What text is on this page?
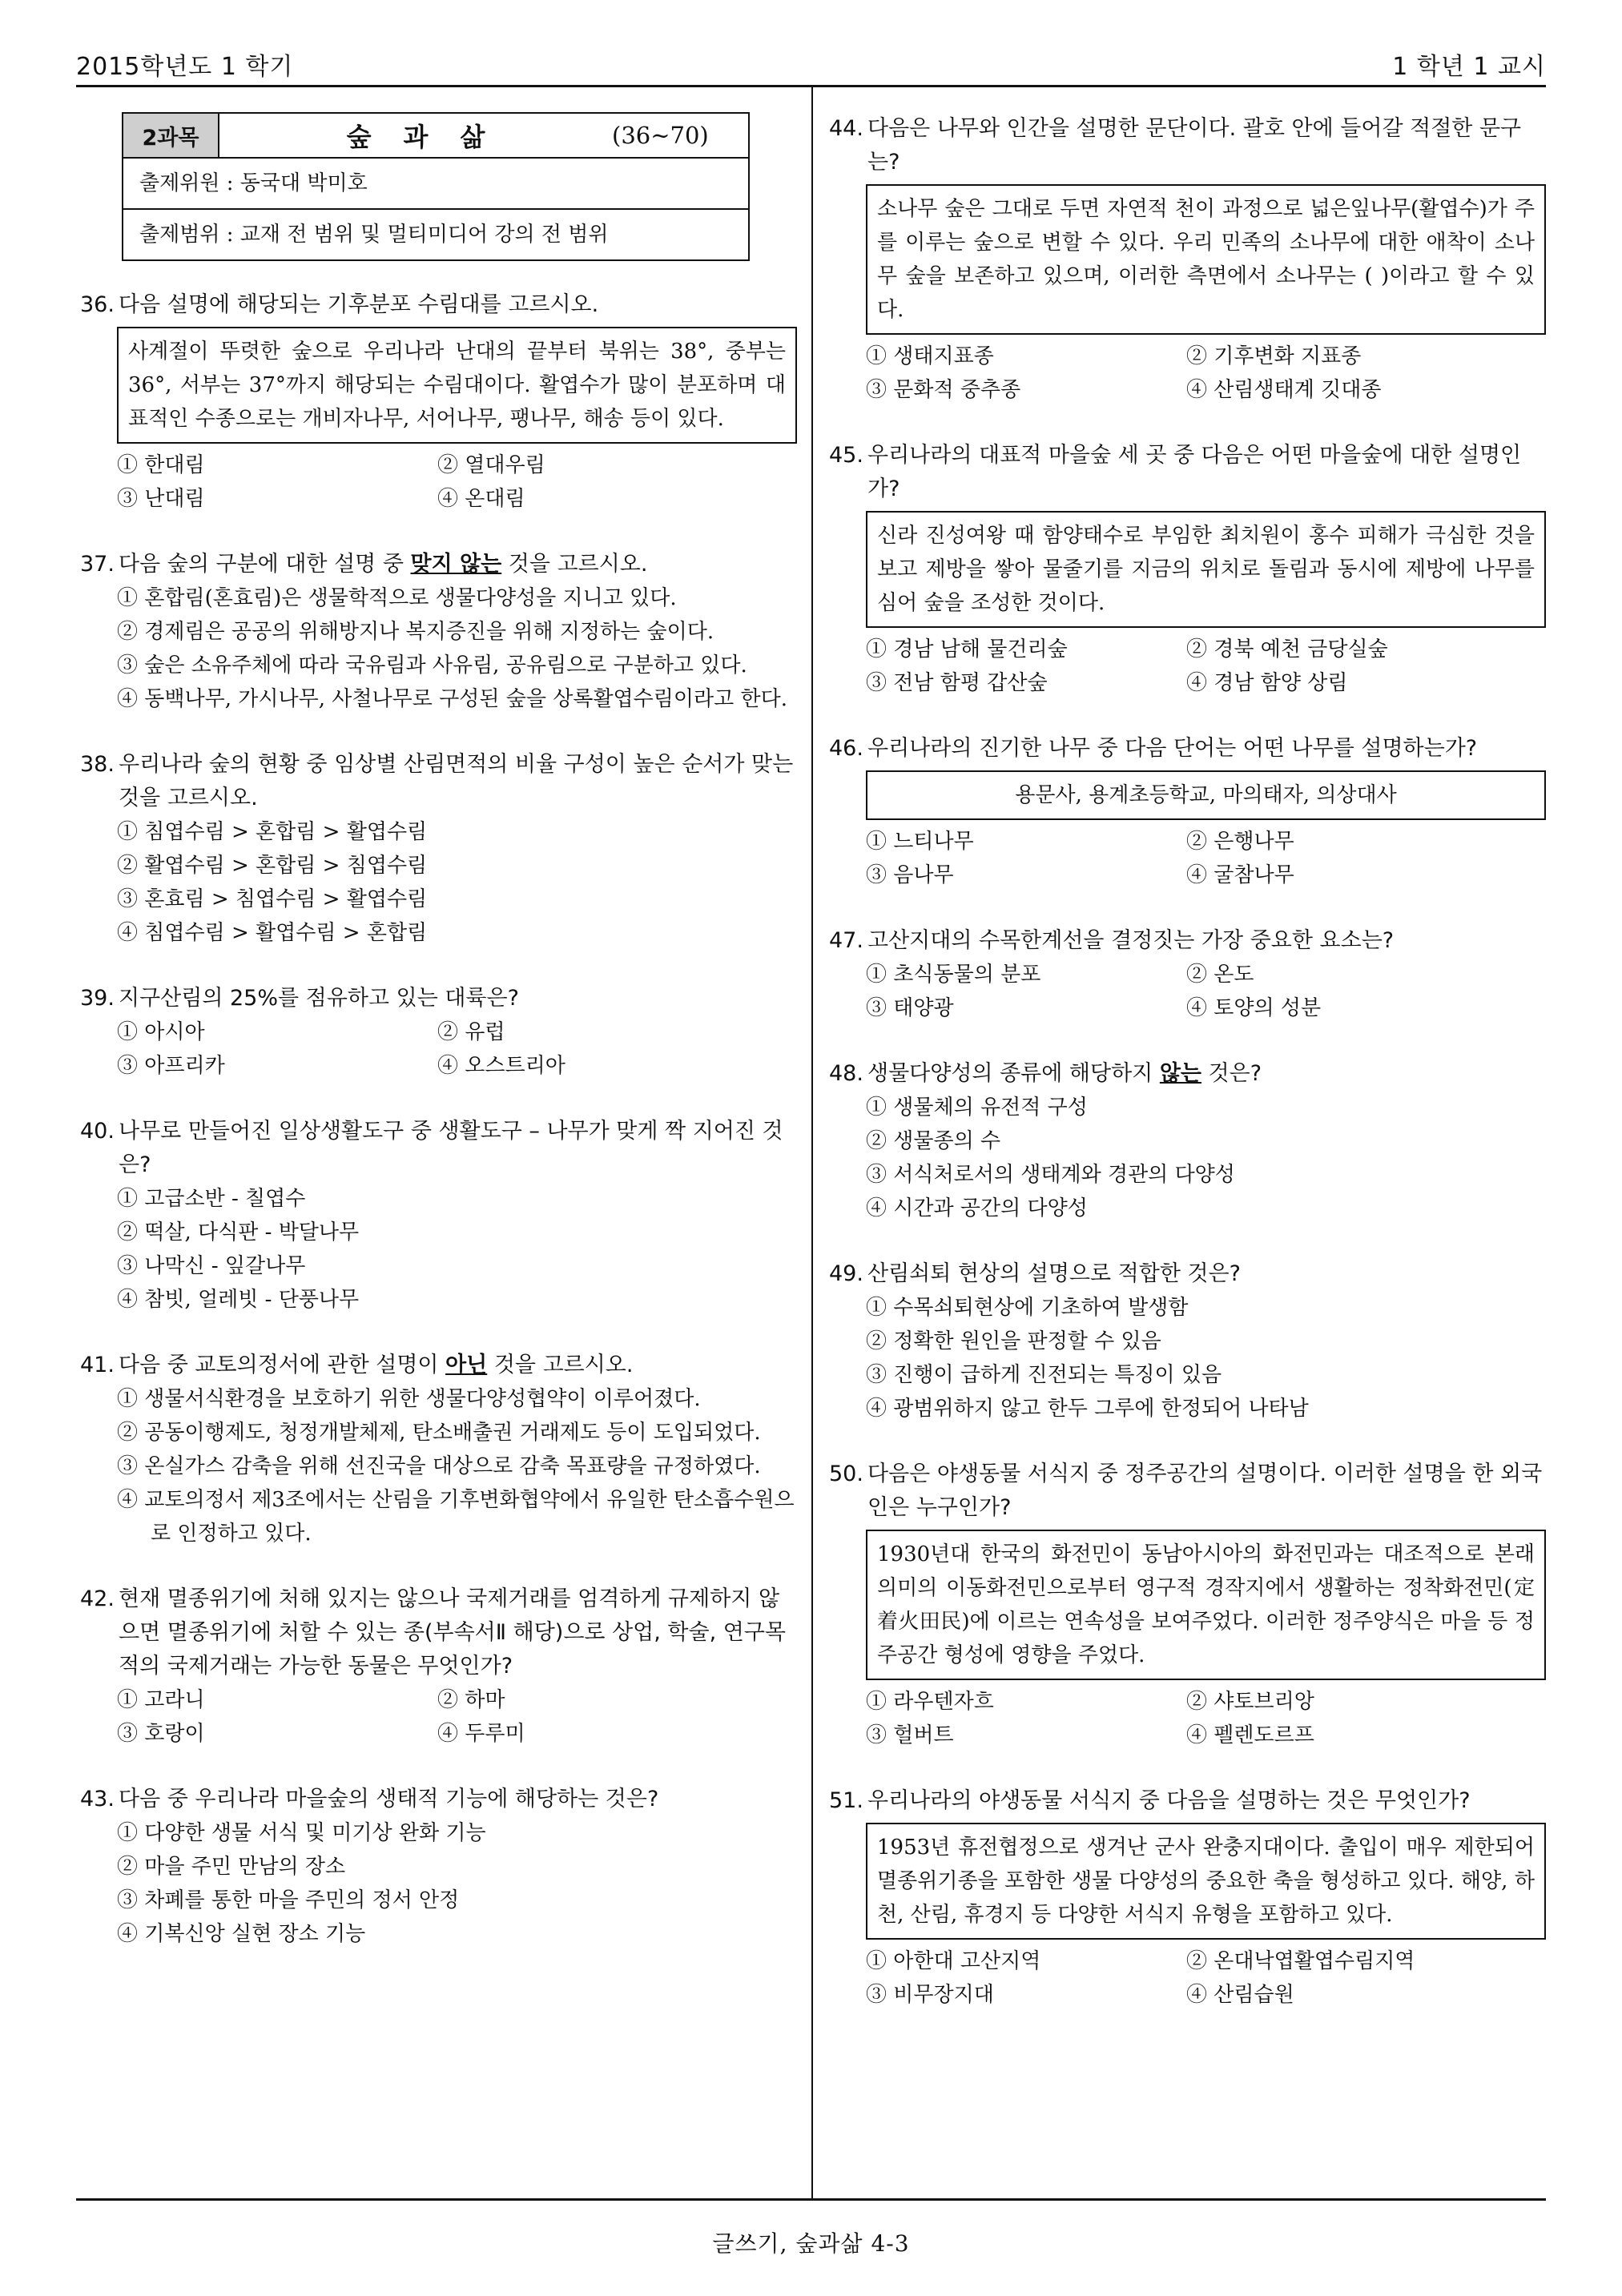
2015학년도 1 학기	1 학년 1 교시
2과목	숲과삶	(36∼70)
출제위원 : 동국대 박미호
출제범위 : 교재 전 범위 및 멀티미디어 강의 전 범위
36. 다음 설명에 해당되는 기후분포 수림대를 고르시오.
사계절이 뚜렷한 숲으로 우리나라 난대의 끝부터 북위는 38°, 중부는 36°, 서부는 37°까지 해당되는 수림대이다. 활엽수가 많이 분포하며 대표적인 수종으로는 개비자나무, 서어나무, 팽나무, 해송 등이 있다.
① 한대림	② 열대우림
③ 난대림	④ 온대림
37. 다음 숲의 구분에 대한 설명 중 맞지 않는 것을 고르시오.
① 혼합림(혼효림)은 생물학적으로 생물다양성을 지니고 있다.
② 경제림은 공공의 위해방지나 복지증진을 위해 지정하는 숲이다.
③ 숲은 소유주체에 따라 국유림과 사유림, 공유림으로 구분하고 있다.
④ 동백나무, 가시나무, 사철나무로 구성된 숲을 상록활엽수림이라고 한다.
38. 우리나라 숲의 현황 중 임상별 산림면적의 비율 구성이 높은 순서가 맞는 것을 고르시오.
① 침엽수림 > 혼합림 > 활엽수림
② 활엽수림 > 혼합림 > 침엽수림
③ 혼효림 > 침엽수림 > 활엽수림
④ 침엽수림 > 활엽수림 > 혼합림
39. 지구산림의 25%를 점유하고 있는 대륙은?
① 아시아	② 유럽
③ 아프리카	④ 오스트리아
40. 나무로 만들어진 일상생활도구 중 생활도구 – 나무가 맞게 짝 지어진 것은?
① 고급소반 - 칠엽수
② 떡살, 다식판 - 박달나무
③ 나막신 - 잎갈나무
④ 참빗, 얼레빗 - 단풍나무
41. 다음 중 교토의정서에 관한 설명이 아닌 것을 고르시오.
① 생물서식환경을 보호하기 위한 생물다양성협약이 이루어졌다.
② 공동이행제도, 청정개발체제, 탄소배출권 거래제도 등이 도입되었다.
③ 온실가스 감축을 위해 선진국을 대상으로 감축 목표량을 규정하였다.
④ 교토의정서 제3조에서는 산림을 기후변화협약에서 유일한 탄소흡수원으로 인정하고 있다.
42. 현재 멸종위기에 처해 있지는 않으나 국제거래를 엄격하게 규제하지 않으면 멸종위기에 처할 수 있는 종(부속서Ⅱ 해당)으로 상업, 학술, 연구목적의 국제거래는 가능한 동물은 무엇인가?
① 고라니	② 하마
③ 호랑이	④ 두루미
43. 다음 중 우리나라 마을숲의 생태적 기능에 해당하는 것은?
① 다양한 생물 서식 및 미기상 완화 기능
② 마을 주민 만남의 장소
③ 차폐를 통한 마을 주민의 정서 안정
④ 기복신앙 실현 장소 기능
44. 다음은 나무와 인간을 설명한 문단이다. 괄호 안에 들어갈 적절한 문구는?
소나무 숲은 그대로 두면 자연적 천이 과정으로 넓은잎나무(활엽수)가 주를 이루는 숲으로 변할 수 있다. 우리 민족의 소나무에 대한 애착이 소나무 숲을 보존하고 있으며, 이러한 측면에서 소나무는 ( )이라고 할 수 있다.
① 생태지표종	② 기후변화 지표종
③ 문화적 중추종	④ 산림생태계 깃대종
45. 우리나라의 대표적 마을숲 세 곳 중 다음은 어떤 마을숲에 대한 설명인가?
신라 진성여왕 때 함양태수로 부임한 최치원이 홍수 피해가 극심한 것을 보고 제방을 쌓아 물줄기를 지금의 위치로 돌림과 동시에 제방에 나무를 심어 숲을 조성한 것이다.
① 경남 남해 물건리숲	② 경북 예천 금당실숲
③ 전남 함평 갑산숲	④ 경남 함양 상림
46. 우리나라의 진기한 나무 중 다음 단어는 어떤 나무를 설명하는가?
용문사, 용계초등학교, 마의태자, 의상대사
① 느티나무	② 은행나무
③ 음나무	④ 굴참나무
47. 고산지대의 수목한계선을 결정짓는 가장 중요한 요소는?
① 초식동물의 분포	② 온도
③ 태양광	④ 토양의 성분
48. 생물다양성의 종류에 해당하지 않는 것은?
① 생물체의 유전적 구성
② 생물종의 수
③ 서식처로서의 생태계와 경관의 다양성
④ 시간과 공간의 다양성
49. 산림쇠퇴 현상의 설명으로 적합한 것은?
① 수목쇠퇴현상에 기초하여 발생함
② 정확한 원인을 판정할 수 있음
③ 진행이 급하게 진전되는 특징이 있음
④ 광범위하지 않고 한두 그루에 한정되어 나타남
50. 다음은 야생동물 서식지 중 정주공간의 설명이다. 이러한 설명을 한 외국인은 누구인가?
1930년대 한국의 화전민이 동남아시아의 화전민과는 대조적으로 본래 의미의 이동화전민으로부터 영구적 경작지에서 생활하는 정착화전민(定着火田民)에 이르는 연속성을 보여주었다. 이러한 정주양식은 마을 등 정주공간 형성에 영향을 주었다.
① 라우텐자흐	② 샤토브리앙
③ 헐버트	④ 펠렌도르프
51. 우리나라의 야생동물 서식지 중 다음을 설명하는 것은 무엇인가?
1953년 휴전협정으로 생겨난 군사 완충지대이다. 출입이 매우 제한되어 멸종위기종을 포함한 생물 다양성의 중요한 축을 형성하고 있다. 해양, 하천, 산림, 휴경지 등 다양한 서식지 유형을 포함하고 있다.
① 아한대 고산지역	② 온대낙엽활엽수림지역
③ 비무장지대	④ 산림습원
글쓰기, 숲과삶 4-3
